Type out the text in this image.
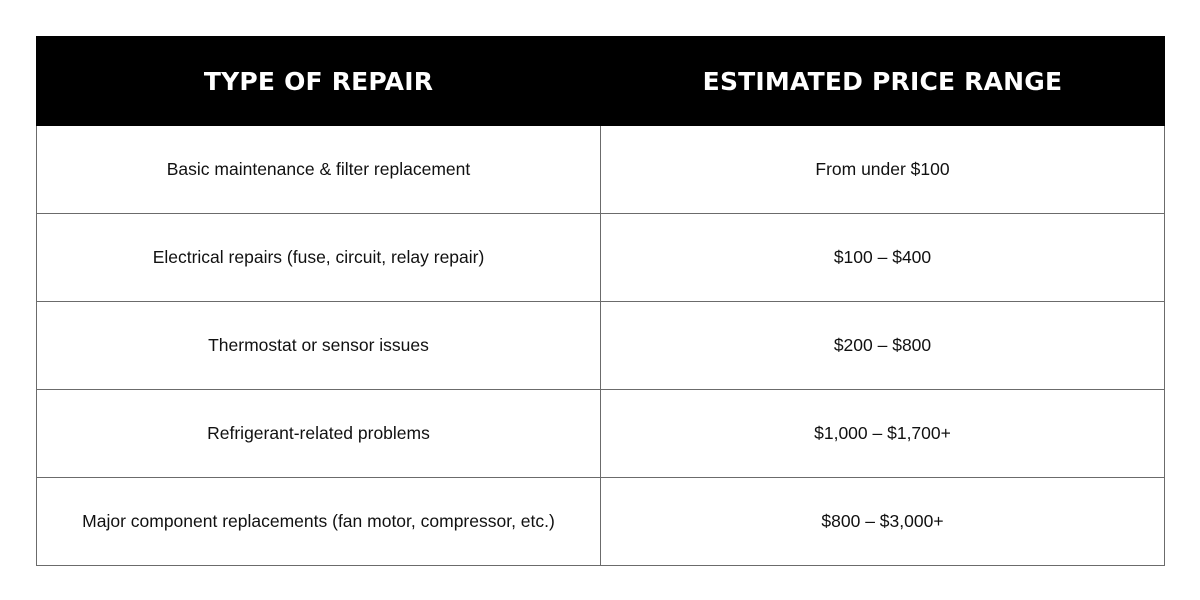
TYPE OF REPAIR	ESTIMATED PRICE RANGE
Basic maintenance & filter replacement	From under $100
Electrical repairs (fuse, circuit, relay repair)	$100 – $400
Thermostat or sensor issues	$200 – $800
Refrigerant-related problems	$1,000 – $1,700+
Major component replacements (fan motor, compressor, etc.)	$800 – $3,000+
